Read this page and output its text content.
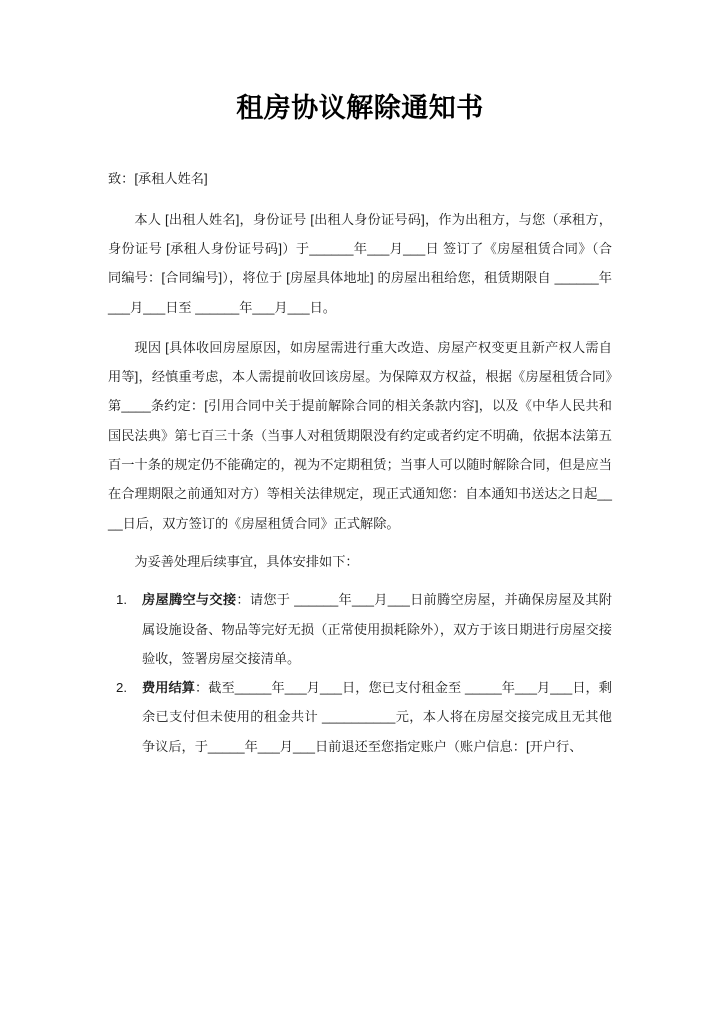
租房协议解除通知书

致：[承租人姓名]

本人 [出租人姓名]，身份证号 [出租人身份证号码]，作为出租方，与您（承租方，身份证号 [承租人身份证号码]）于______年___月___日 签订了《房屋租赁合同》（合同编号：[合同编号]），将位于 [房屋具体地址] 的房屋出租给您，租赁期限自 ______年___月___日至 ______年___月___日。

现因 [具体收回房屋原因，如房屋需进行重大改造、房屋产权变更且新产权人需自用等]，经慎重考虑，本人需提前收回该房屋。为保障双方权益，根据《房屋租赁合同》第____条约定：[引用合同中关于提前解除合同的相关条款内容]，以及《中华人民共和国民法典》第七百三十条（当事人对租赁期限没有约定或者约定不明确，依据本法第五百一十条的规定仍不能确定的，视为不定期租赁；当事人可以随时解除合同，但是应当在合理期限之前通知对方）等相关法律规定，现正式通知您：自本通知书送达之日起____日后，双方签订的《房屋租赁合同》正式解除。

为妥善处理后续事宜，具体安排如下：

房屋腾空与交接：请您于 ______年___月___日前腾空房屋，并确保房屋及其附属设施设备、物品等完好无损（正常使用损耗除外），双方于该日期进行房屋交接验收，签署房屋交接清单。
费用结算：截至_____年___月___日，您已支付租金至 _____年___月___日，剩余已支付但未使用的租金共计 __________元，本人将在房屋交接完成且无其他争议后，于_____年___月___日前退还至您指定账户（账户信息：[开户行、
